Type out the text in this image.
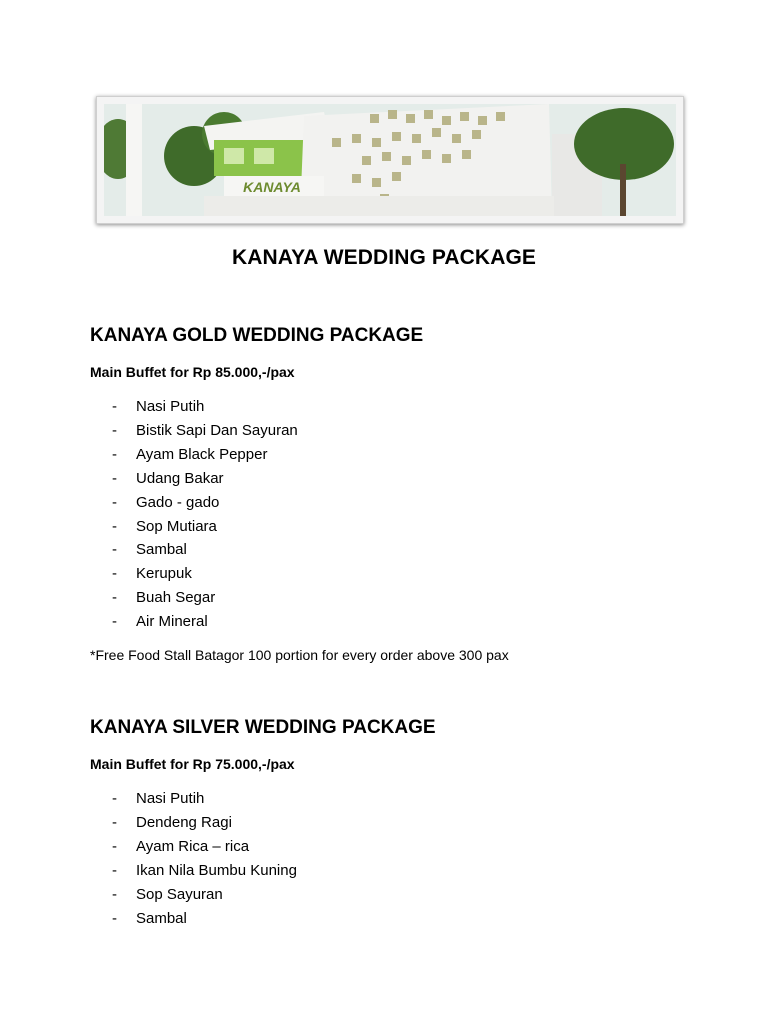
KANAYA
KANAYA WEDDING PACKAGE
KANAYA GOLD WEDDING PACKAGE
Main Buffet for Rp 85.000,-/pax
-	Nasi Putih
-	Bistik Sapi Dan Sayuran
-	Ayam Black Pepper
-	Udang Bakar
-	Gado - gado
-	Sop Mutiara
-	Sambal
-	Kerupuk
-	Buah Segar
-	Air Mineral
*Free Food Stall Batagor 100 portion for every order above 300 pax
KANAYA SILVER WEDDING PACKAGE
Main Buffet for Rp 75.000,-/pax
-	Nasi Putih
-	Dendeng Ragi
-	Ayam Rica – rica
-	Ikan Nila Bumbu Kuning
-	Sop Sayuran
-	Sambal
